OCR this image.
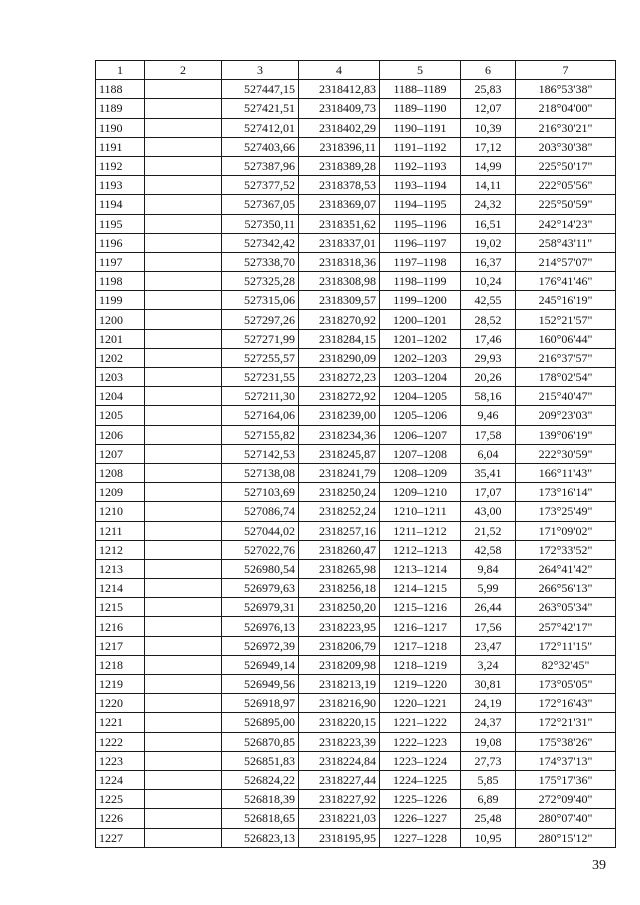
1	2	3	4	5	6	7
1188		527447,15	2318412,83	1188–1189	25,83	186°53'38"
1189		527421,51	2318409,73	1189–1190	12,07	218°04'00"
1190		527412,01	2318402,29	1190–1191	10,39	216°30'21"
1191		527403,66	2318396,11	1191–1192	17,12	203°30'38"
1192		527387,96	2318389,28	1192–1193	14,99	225°50'17"
1193		527377,52	2318378,53	1193–1194	14,11	222°05'56"
1194		527367,05	2318369,07	1194–1195	24,32	225°50'59"
1195		527350,11	2318351,62	1195–1196	16,51	242°14'23"
1196		527342,42	2318337,01	1196–1197	19,02	258°43'11"
1197		527338,70	2318318,36	1197–1198	16,37	214°57'07"
1198		527325,28	2318308,98	1198–1199	10,24	176°41'46"
1199		527315,06	2318309,57	1199–1200	42,55	245°16'19"
1200		527297,26	2318270,92	1200–1201	28,52	152°21'57"
1201		527271,99	2318284,15	1201–1202	17,46	160°06'44"
1202		527255,57	2318290,09	1202–1203	29,93	216°37'57"
1203		527231,55	2318272,23	1203–1204	20,26	178°02'54"
1204		527211,30	2318272,92	1204–1205	58,16	215°40'47"
1205		527164,06	2318239,00	1205–1206	9,46	209°23'03"
1206		527155,82	2318234,36	1206–1207	17,58	139°06'19"
1207		527142,53	2318245,87	1207–1208	6,04	222°30'59"
1208		527138,08	2318241,79	1208–1209	35,41	166°11'43"
1209		527103,69	2318250,24	1209–1210	17,07	173°16'14"
1210		527086,74	2318252,24	1210–1211	43,00	173°25'49"
1211		527044,02	2318257,16	1211–1212	21,52	171°09'02"
1212		527022,76	2318260,47	1212–1213	42,58	172°33'52"
1213		526980,54	2318265,98	1213–1214	9,84	264°41'42"
1214		526979,63	2318256,18	1214–1215	5,99	266°56'13"
1215		526979,31	2318250,20	1215–1216	26,44	263°05'34"
1216		526976,13	2318223,95	1216–1217	17,56	257°42'17"
1217		526972,39	2318206,79	1217–1218	23,47	172°11'15"
1218		526949,14	2318209,98	1218–1219	3,24	82°32'45"
1219		526949,56	2318213,19	1219–1220	30,81	173°05'05"
1220		526918,97	2318216,90	1220–1221	24,19	172°16'43"
1221		526895,00	2318220,15	1221–1222	24,37	172°21'31"
1222		526870,85	2318223,39	1222–1223	19,08	175°38'26"
1223		526851,83	2318224,84	1223–1224	27,73	174°37'13"
1224		526824,22	2318227,44	1224–1225	5,85	175°17'36"
1225		526818,39	2318227,92	1225–1226	6,89	272°09'40"
1226		526818,65	2318221,03	1226–1227	25,48	280°07'40"
1227		526823,13	2318195,95	1227–1228	10,95	280°15'12"
39
